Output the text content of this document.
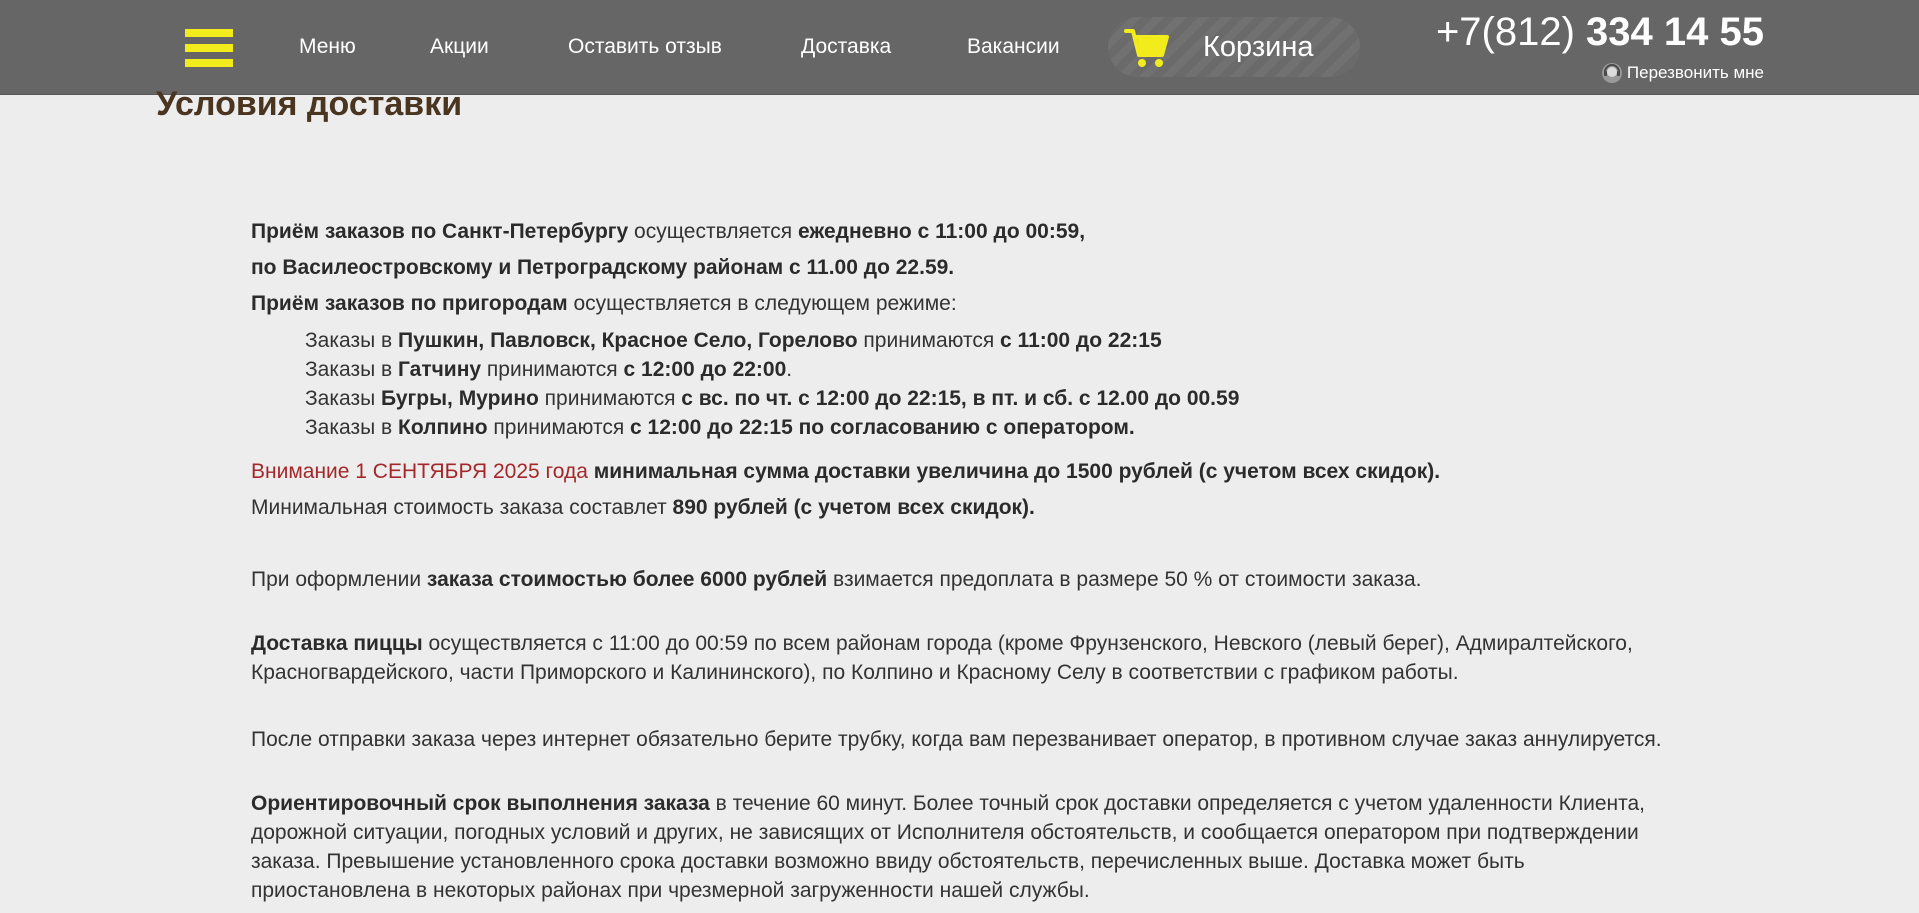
Меню	Акции	Оставить отзыв	Доставка	Вакансии	Корзина	+7(812) 334 14 55
Перезвонить мне
Условия доставки
Приём заказов по Санкт-Петербургу осуществляется ежедневно с 11:00 до 00:59,
по Василеостровскому и Петроградскому районам с 11.00 до 22.59.
Приём заказов по пригородам осуществляется в следующем режиме:
Заказы в Пушкин, Павловск, Красное Село, Горелово принимаются с 11:00 до 22:15
Заказы в Гатчину принимаются с 12:00 до 22:00.
Заказы Бугры, Мурино принимаются с вс. по чт. с 12:00 до 22:15, в пт. и сб. с 12.00 до 00.59
Заказы в Колпино принимаются с 12:00 до 22:15 по согласованию с оператором.
Внимание 1 СЕНТЯБРЯ 2025 года минимальная сумма доставки увеличина до 1500 рублей (с учетом всех скидок).
Минимальная стоимость заказа составлет 890 рублей (с учетом всех скидок).
При оформлении заказа стоимостью более 6000 рублей взимается предоплата в размере 50 % от стоимости заказа.
Доставка пиццы осуществляется с 11:00 до 00:59 по всем районам города (кроме Фрунзенского, Невского (левый берег), Адмиралтейского, Красногвардейского, части Приморского и Калининского), по Колпино и Красному Селу в соответствии с графиком работы.
После отправки заказа через интернет обязательно берите трубку, когда вам перезванивает оператор, в противном случае заказ аннулируется.
Ориентировочный срок выполнения заказа в течение 60 минут. Более точный срок доставки определяется с учетом удаленности Клиента, дорожной ситуации, погодных условий и других, не зависящих от Исполнителя обстоятельств, и сообщается оператором при подтверждении заказа. Превышение установленного срока доставки возможно ввиду обстоятельств, перечисленных выше. Доставка может быть приостановлена в некоторых районах при чрезмерной загруженности нашей службы.
